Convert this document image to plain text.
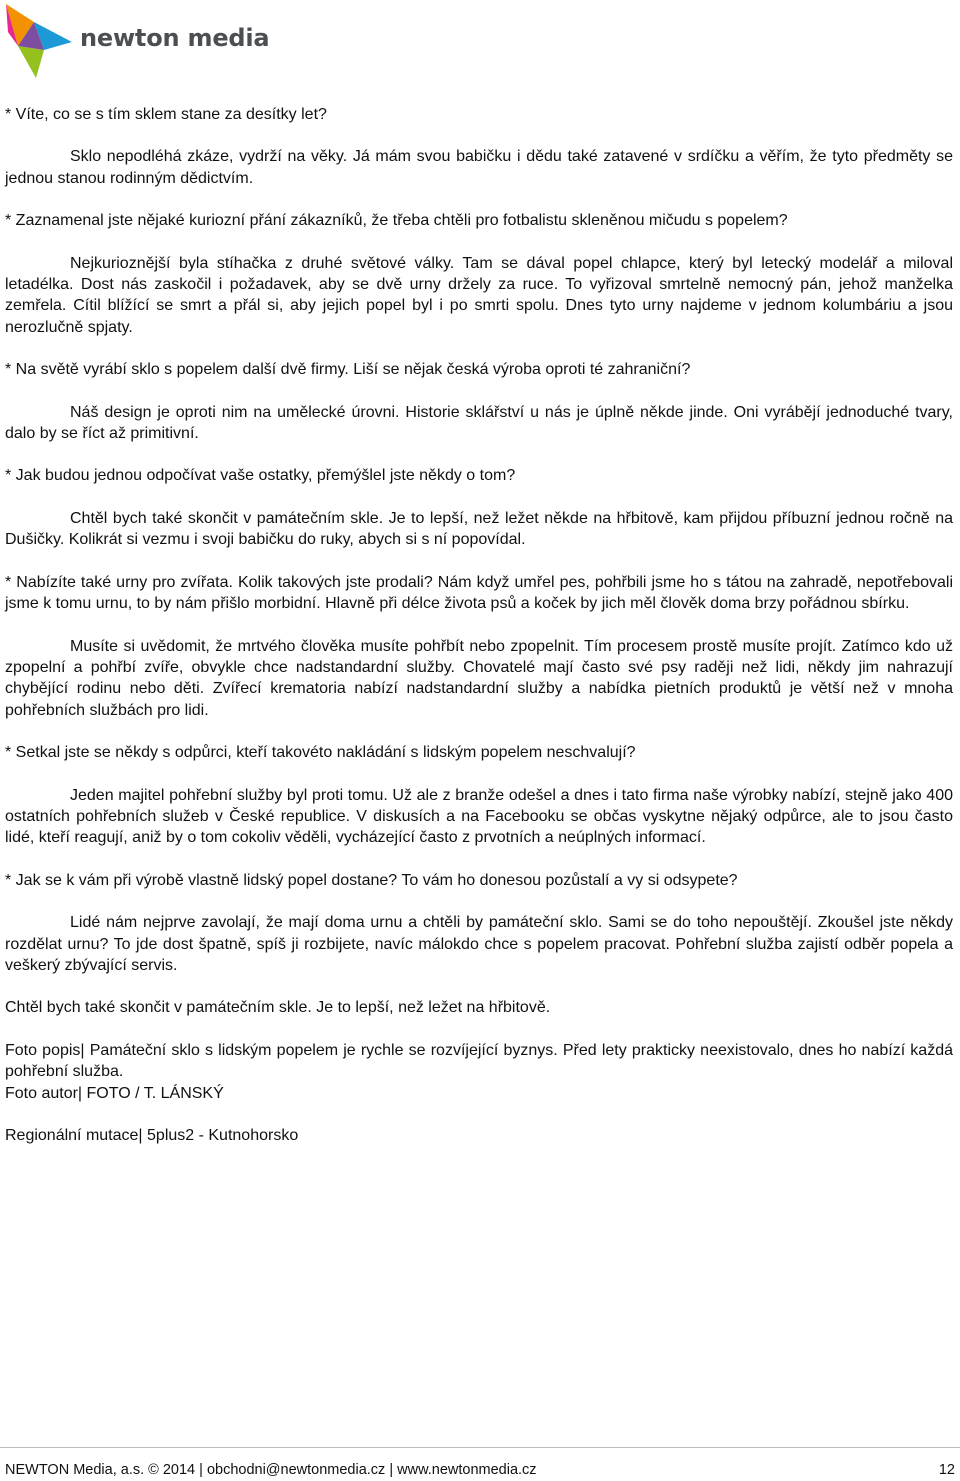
newton media

* Víte, co se s tím sklem stane za desítky let?

Sklo nepodléhá zkáze, vydrží na věky. Já mám svou babičku i dědu také zatavené v srdíčku a věřím, že tyto předměty se jednou stanou rodinným dědictvím.

* Zaznamenal jste nějaké kuriozní přání zákazníků, že třeba chtěli pro fotbalistu skleněnou mičudu s popelem?

Nejkurioznější byla stíhačka z druhé světové války. Tam se dával popel chlapce, který byl letecký modelář a miloval letadélka. Dost nás zaskočil i požadavek, aby se dvě urny držely za ruce. To vyřizoval smrtelně nemocný pán, jehož manželka zemřela. Cítil blížící se smrt a přál si, aby jejich popel byl i po smrti spolu. Dnes tyto urny najdeme v jednom kolumbáriu a jsou nerozlučně spjaty.

* Na světě vyrábí sklo s popelem další dvě firmy. Liší se nějak česká výroba oproti té zahraniční?

Náš design je oproti nim na umělecké úrovni. Historie sklářství u nás je úplně někde jinde. Oni vyrábějí jednoduché tvary, dalo by se říct až primitivní.

* Jak budou jednou odpočívat vaše ostatky, přemýšlel jste někdy o tom?

Chtěl bych také skončit v památečním skle. Je to lepší, než ležet někde na hřbitově, kam přijdou příbuzní jednou ročně na Dušičky. Kolikrát si vezmu i svoji babičku do ruky, abych si s ní popovídal.

* Nabízíte také urny pro zvířata. Kolik takových jste prodali? Nám když umřel pes, pohřbili jsme ho s tátou na zahradě, nepotřebovali jsme k tomu urnu, to by nám přišlo morbidní. Hlavně při délce života psů a koček by jich měl člověk doma brzy pořádnou sbírku.

Musíte si uvědomit, že mrtvého člověka musíte pohřbít nebo zpopelnit. Tím procesem prostě musíte projít. Zatímco kdo už zpopelní a pohřbí zvíře, obvykle chce nadstandardní služby. Chovatelé mají často své psy raději než lidi, někdy jim nahrazují chybějící rodinu nebo děti. Zvířecí krematoria nabízí nadstandardní služby a nabídka pietních produktů je větší než v mnoha pohřebních službách pro lidi.

* Setkal jste se někdy s odpůrci, kteří takovéto nakládání s lidským popelem neschvalují?

Jeden majitel pohřební služby byl proti tomu. Už ale z branže odešel a dnes i tato firma naše výrobky nabízí, stejně jako 400 ostatních pohřebních služeb v České republice. V diskusích a na Facebooku se občas vyskytne nějaký odpůrce, ale to jsou často lidé, kteří reagují, aniž by o tom cokoliv věděli, vycházející často z prvotních a neúplných informací.

* Jak se k vám při výrobě vlastně lidský popel dostane? To vám ho donesou pozůstalí a vy si odsypete?

Lidé nám nejprve zavolají, že mají doma urnu a chtěli by památeční sklo. Sami se do toho nepouštějí. Zkoušel jste někdy rozdělat urnu? To jde dost špatně, spíš ji rozbijete, navíc málokdo chce s popelem pracovat. Pohřební služba zajistí odběr popela a veškerý zbývající servis.

Chtěl bych také skončit v památečním skle. Je to lepší, než ležet na hřbitově.

Foto popis| Památeční sklo s lidským popelem je rychle se rozvíjející byznys. Před lety prakticky neexistovalo, dnes ho nabízí každá pohřební služba.

Foto autor| FOTO / T. LÁNSKÝ

Regionální mutace| 5plus2 - Kutnohorsko

NEWTON Media, a.s. © 2014 | obchodni@newtonmedia.cz | www.newtonmedia.cz	12
